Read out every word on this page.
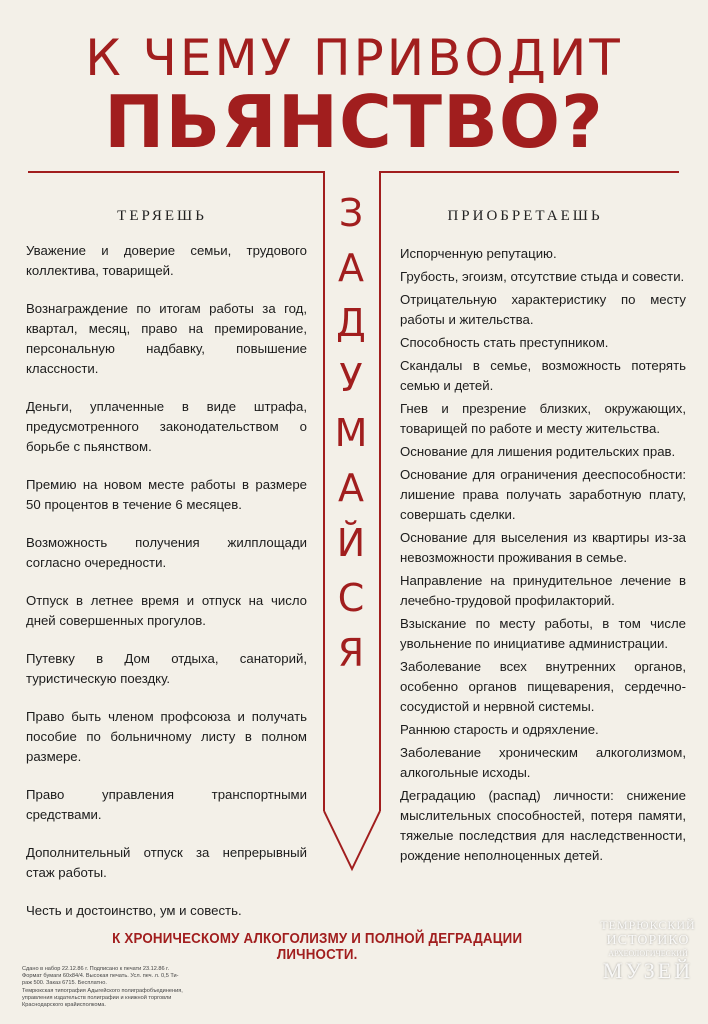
К ЧЕМУ ПРИВОДИТ
ПЬЯНСТВО?
ТЕРЯЕШЬ	ПРИОБРЕТАЕШЬ
З
А
Д
У
М
А
Й
С
Я

Уважение и доверие семьи, трудового коллектива, товарищей.

Вознаграждение по итогам работы за год, квартал, месяц, право на премирование, персональную надбавку, повышение классности.

Деньги, уплаченные в виде штрафа, предусмотренного законодательством о борьбе с пьянством.

Премию на новом месте работы в размере 50 процентов в течение 6 месяцев.

Возможность получения жилплощади согласно очередности.

Отпуск в летнее время и отпуск на число дней совершенных прогулов.

Путевку в Дом отдыха, санаторий, туристическую поездку.

Право быть членом профсоюза и получать пособие по больничному листу в полном размере.

Право управления транспортными средствами.

Дополнительный отпуск за непрерывный стаж работы.

Честь и достоинство, ум и совесть.

Испорченную репутацию.

Грубость, эгоизм, отсутствие стыда и совести.

Отрицательную характеристику по месту работы и жительства.

Способность стать преступником.

Скандалы в семье, возможность потерять семью и детей.

Гнев и презрение близких, окружающих, товарищей по работе и месту жительства.

Основание для лишения родительских прав.

Основание для ограничения дееспособности: лишение права получать заработную плату, совершать сделки.

Основание для выселения из квартиры из-за невозможности проживания в семье.

Направление на принудительное лечение в лечебно-трудовой профилакторий.

Взыскание по месту работы, в том числе увольнение по инициативе администрации.

Заболевание всех внутренних органов, особенно органов пищеварения, сердечно-сосудистой и нервной системы.

Раннюю старость и одряхление.

Заболевание хроническим алкоголизмом, алкогольные исходы.

Деградацию (распад) личности: снижение мыслительных способностей, потеря памяти, тяжелые последствия для наследственности, рождение неполноценных детей.

К ХРОНИЧЕСКОМУ АЛКОГОЛИЗМУ И ПОЛНОЙ ДЕГРАДАЦИИ ЛИЧНОСТИ.
Сдано в набор 22.12.86 г. Подписано к печати 23.12.86 г.
Формат бумаги 60х84/4. Высокая печать. Усл. печ. л. 0,5 Ти-
раж 500. Заказ 6715. Бесплатно.
Темрюкская типография Адыгейского полиграфобъединения,
управления издательств полиграфии и книжной торговли
Краснодарского крайисполкома.
ТЕМРЮКСКИЙ
ИСТОРИКО
АРХЕОЛОГИЧЕСКИЙ
МУЗЕЙ
